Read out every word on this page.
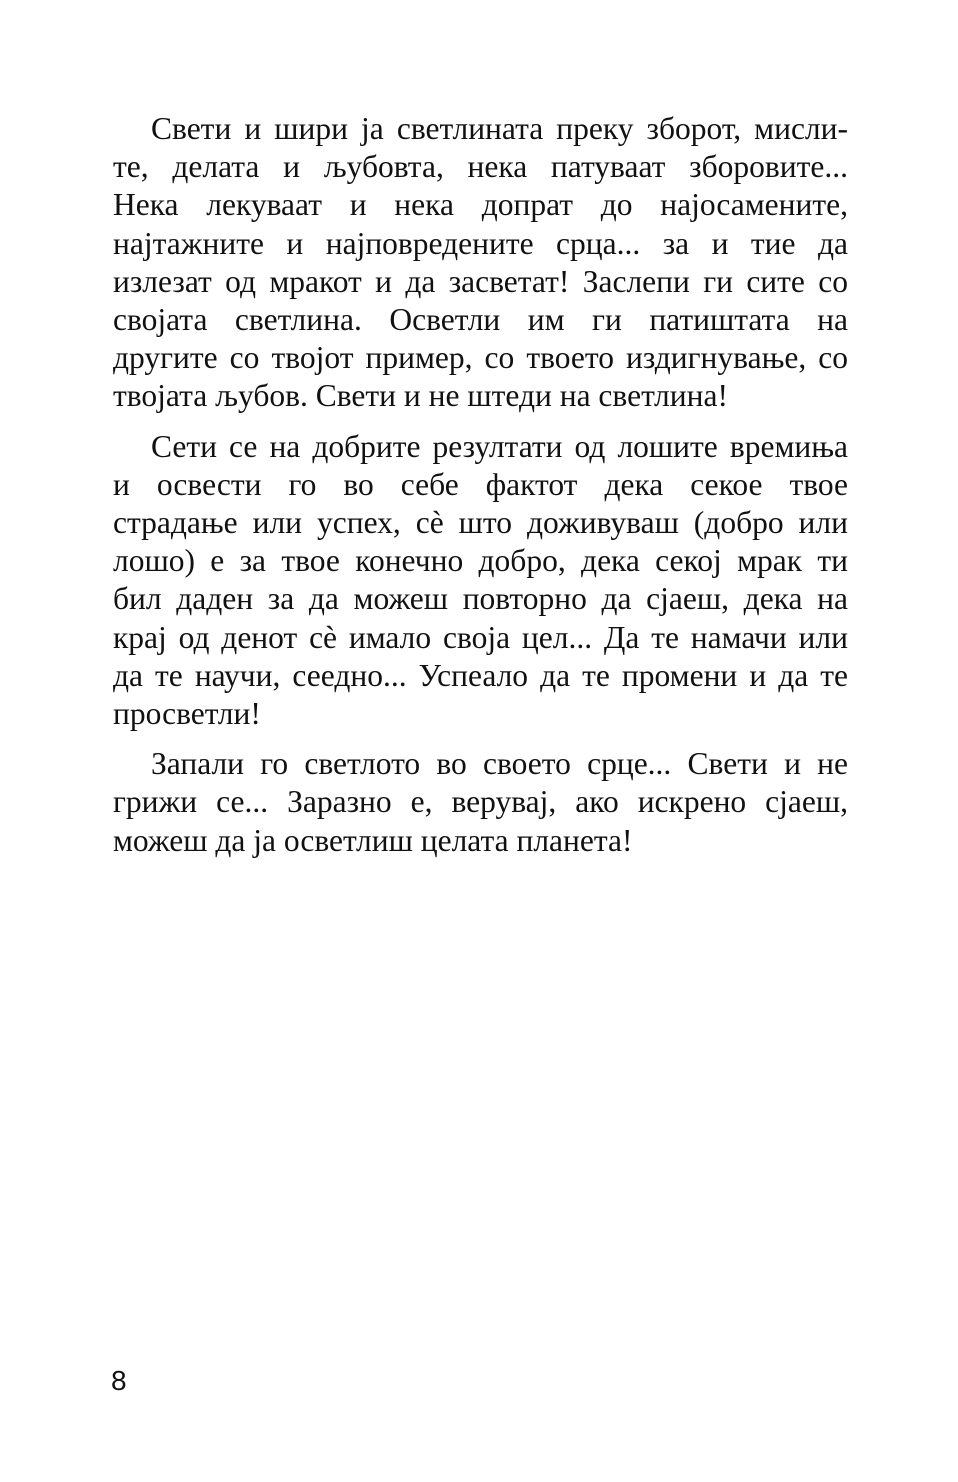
Свети и шири ја светлината преку зборот, мисли-
те, делата и љубовта, нека патуваат зборовите...
Нека лекуваат и нека допрат до најосамените,
најтажните и најповредените срца... за и тие да
излезат од мракот и да засветат! Заслепи ги сите со
својата светлина. Осветли им ги патиштата на
другите со твојот пример, со твоето издигнување, со
твојата љубов. Свети и не штеди на светлина!
Сети се на добрите резултати од лошите времиња
и освести го во себе фактот дека секое твое
страдање или успех, сè што доживуваш (добро или
лошо) е за твое конечно добро, дека секој мрак ти
бил даден за да можеш повторно да сјаеш, дека на
крај од денот сè имало своја цел... Да те намачи или
да те научи, сеедно... Успеало да те промени и да те
просветли!
Запали го светлото во своето срце... Свети и не
грижи се... Заразно е, верувај, ако искрено сјаеш,
можеш да ја осветлиш целата планета!
8
